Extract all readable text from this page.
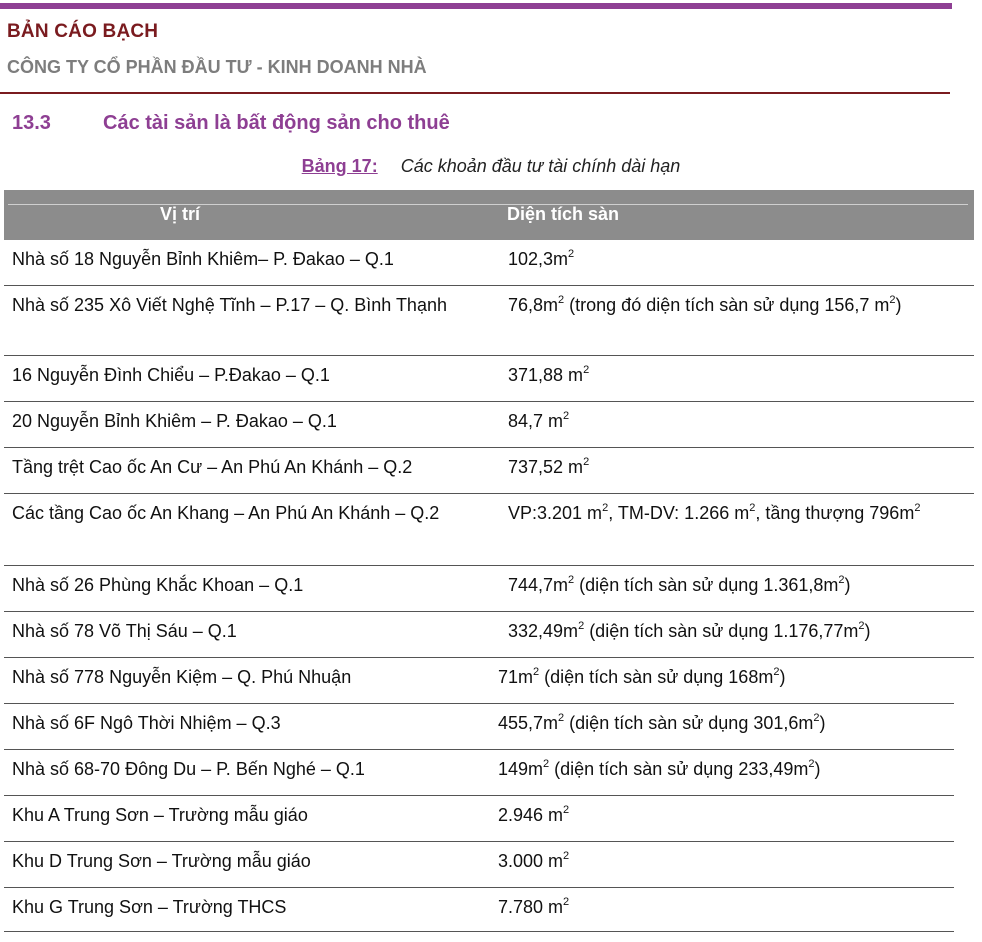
BẢN CÁO BẠCH
CÔNG TY CỔ PHẦN ĐẦU TƯ - KINH DOANH NHÀ
13.3	Các tài sản là bất động sản cho thuê
Bảng 17: Các khoản đầu tư tài chính dài hạn
Vị trí	Diện tích sàn
Nhà số 18 Nguyễn Bỉnh Khiêm– P. Đakao – Q.1	$102,3m^2$
Nhà số 235 Xô Viết Nghệ Tĩnh – P.17 – Q. Bình Thạnh	$76,8m^2$ (trong đó diện tích sàn sử dụng 156,7 $m^2$)
16 Nguyễn Đình Chiểu – P.Đakao – Q.1	371,88 $m^2$
20 Nguyễn Bỉnh Khiêm – P. Đakao – Q.1	84,7 $m^2$
Tầng trệt Cao ốc An Cư – An Phú An Khánh – Q.2	737,52 $m^2$
Các tầng Cao ốc An Khang – An Phú An Khánh – Q.2	VP:3.201 $m^2$, TM-DV: 1.266 $m^2$, tầng thượng $796m^2$
Nhà số 26 Phùng Khắc Khoan – Q.1	$744,7m^2$ (diện tích sàn sử dụng $1.361,8m^2$)
Nhà số 78 Võ Thị Sáu – Q.1	$332,49m^2$ (diện tích sàn sử dụng $1.176,77m^2$)
Nhà số 778 Nguyễn Kiệm – Q. Phú Nhuận	$71m^2$ (diện tích sàn sử dụng $168m^2$)
Nhà số 6F Ngô Thời Nhiệm – Q.3	$455,7m^2$ (diện tích sàn sử dụng $301,6m^2$)
Nhà số 68-70 Đông Du – P. Bến Nghé – Q.1	$149m^2$ (diện tích sàn sử dụng $233,49m^2$)
Khu A Trung Sơn – Trường mẫu giáo	2.946 $m^2$
Khu D Trung Sơn – Trường mẫu giáo	3.000 $m^2$
Khu G Trung Sơn – Trường THCS	7.780 $m^2$
